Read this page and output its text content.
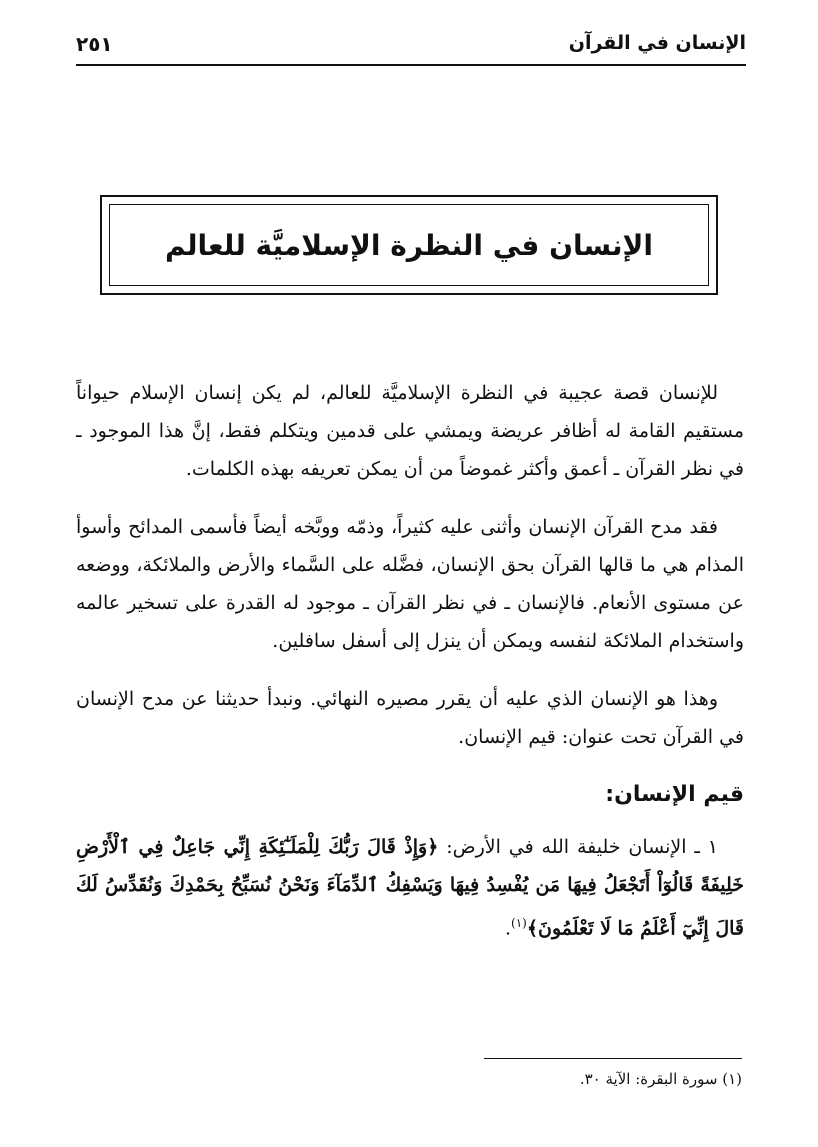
الإنسان في القرآن
٢٥١
الإنسان في النظرة الإسلاميَّة للعالم

للإنسان قصة عجيبة في النظرة الإسلاميَّة للعالم، لم يكن إنسان الإسلام حيواناً مستقيم القامة له أظافر عريضة ويمشي على قدمين ويتكلم فقط، إنَّ هذا الموجود ـ في نظر القرآن ـ أعمق وأكثر غموضاً من أن يمكن تعريفه بهذه الكلمات.

فقد مدح القرآن الإنسان وأثنى عليه كثيراً، وذمّه ووبَّخه أيضاً فأسمى المدائح وأسوأ المذام هي ما قالها القرآن بحق الإنسان، فضَّله على السَّماء والأرض والملائكة، ووضعه عن مستوى الأنعام. فالإنسان ـ في نظر القرآن ـ موجود له القدرة على تسخير عالمه واستخدام الملائكة لنفسه ويمكن أن ينزل إلى أسفل سافلين.

وهذا هو الإنسان الذي عليه أن يقرر مصيره النهائي. ونبدأ حديثنا عن مدح الإنسان في القرآن تحت عنوان: قيم الإنسان.

قيم الإنسان:

١ ـ الإنسان خليفة الله في الأرض: ﴿وَإِذْ قَالَ رَبُّكَ لِلْمَلَـٰٓئِكَةِ إِنِّي جَاعِلٌ فِي ٱلْأَرْضِ خَلِيفَةً قَالُوٓاْ أَتَجْعَلُ فِيهَا مَن يُفْسِدُ فِيهَا وَيَسْفِكُ ٱلدِّمَآءَ وَنَحْنُ نُسَبِّحُ بِحَمْدِكَ وَنُقَدِّسُ لَكَ قَالَ إِنِّيٓ أَعْلَمُ مَا لَا تَعْلَمُونَ﴾$^{(١)}$.

(١) سورة البقرة: الآية ٣٠.
